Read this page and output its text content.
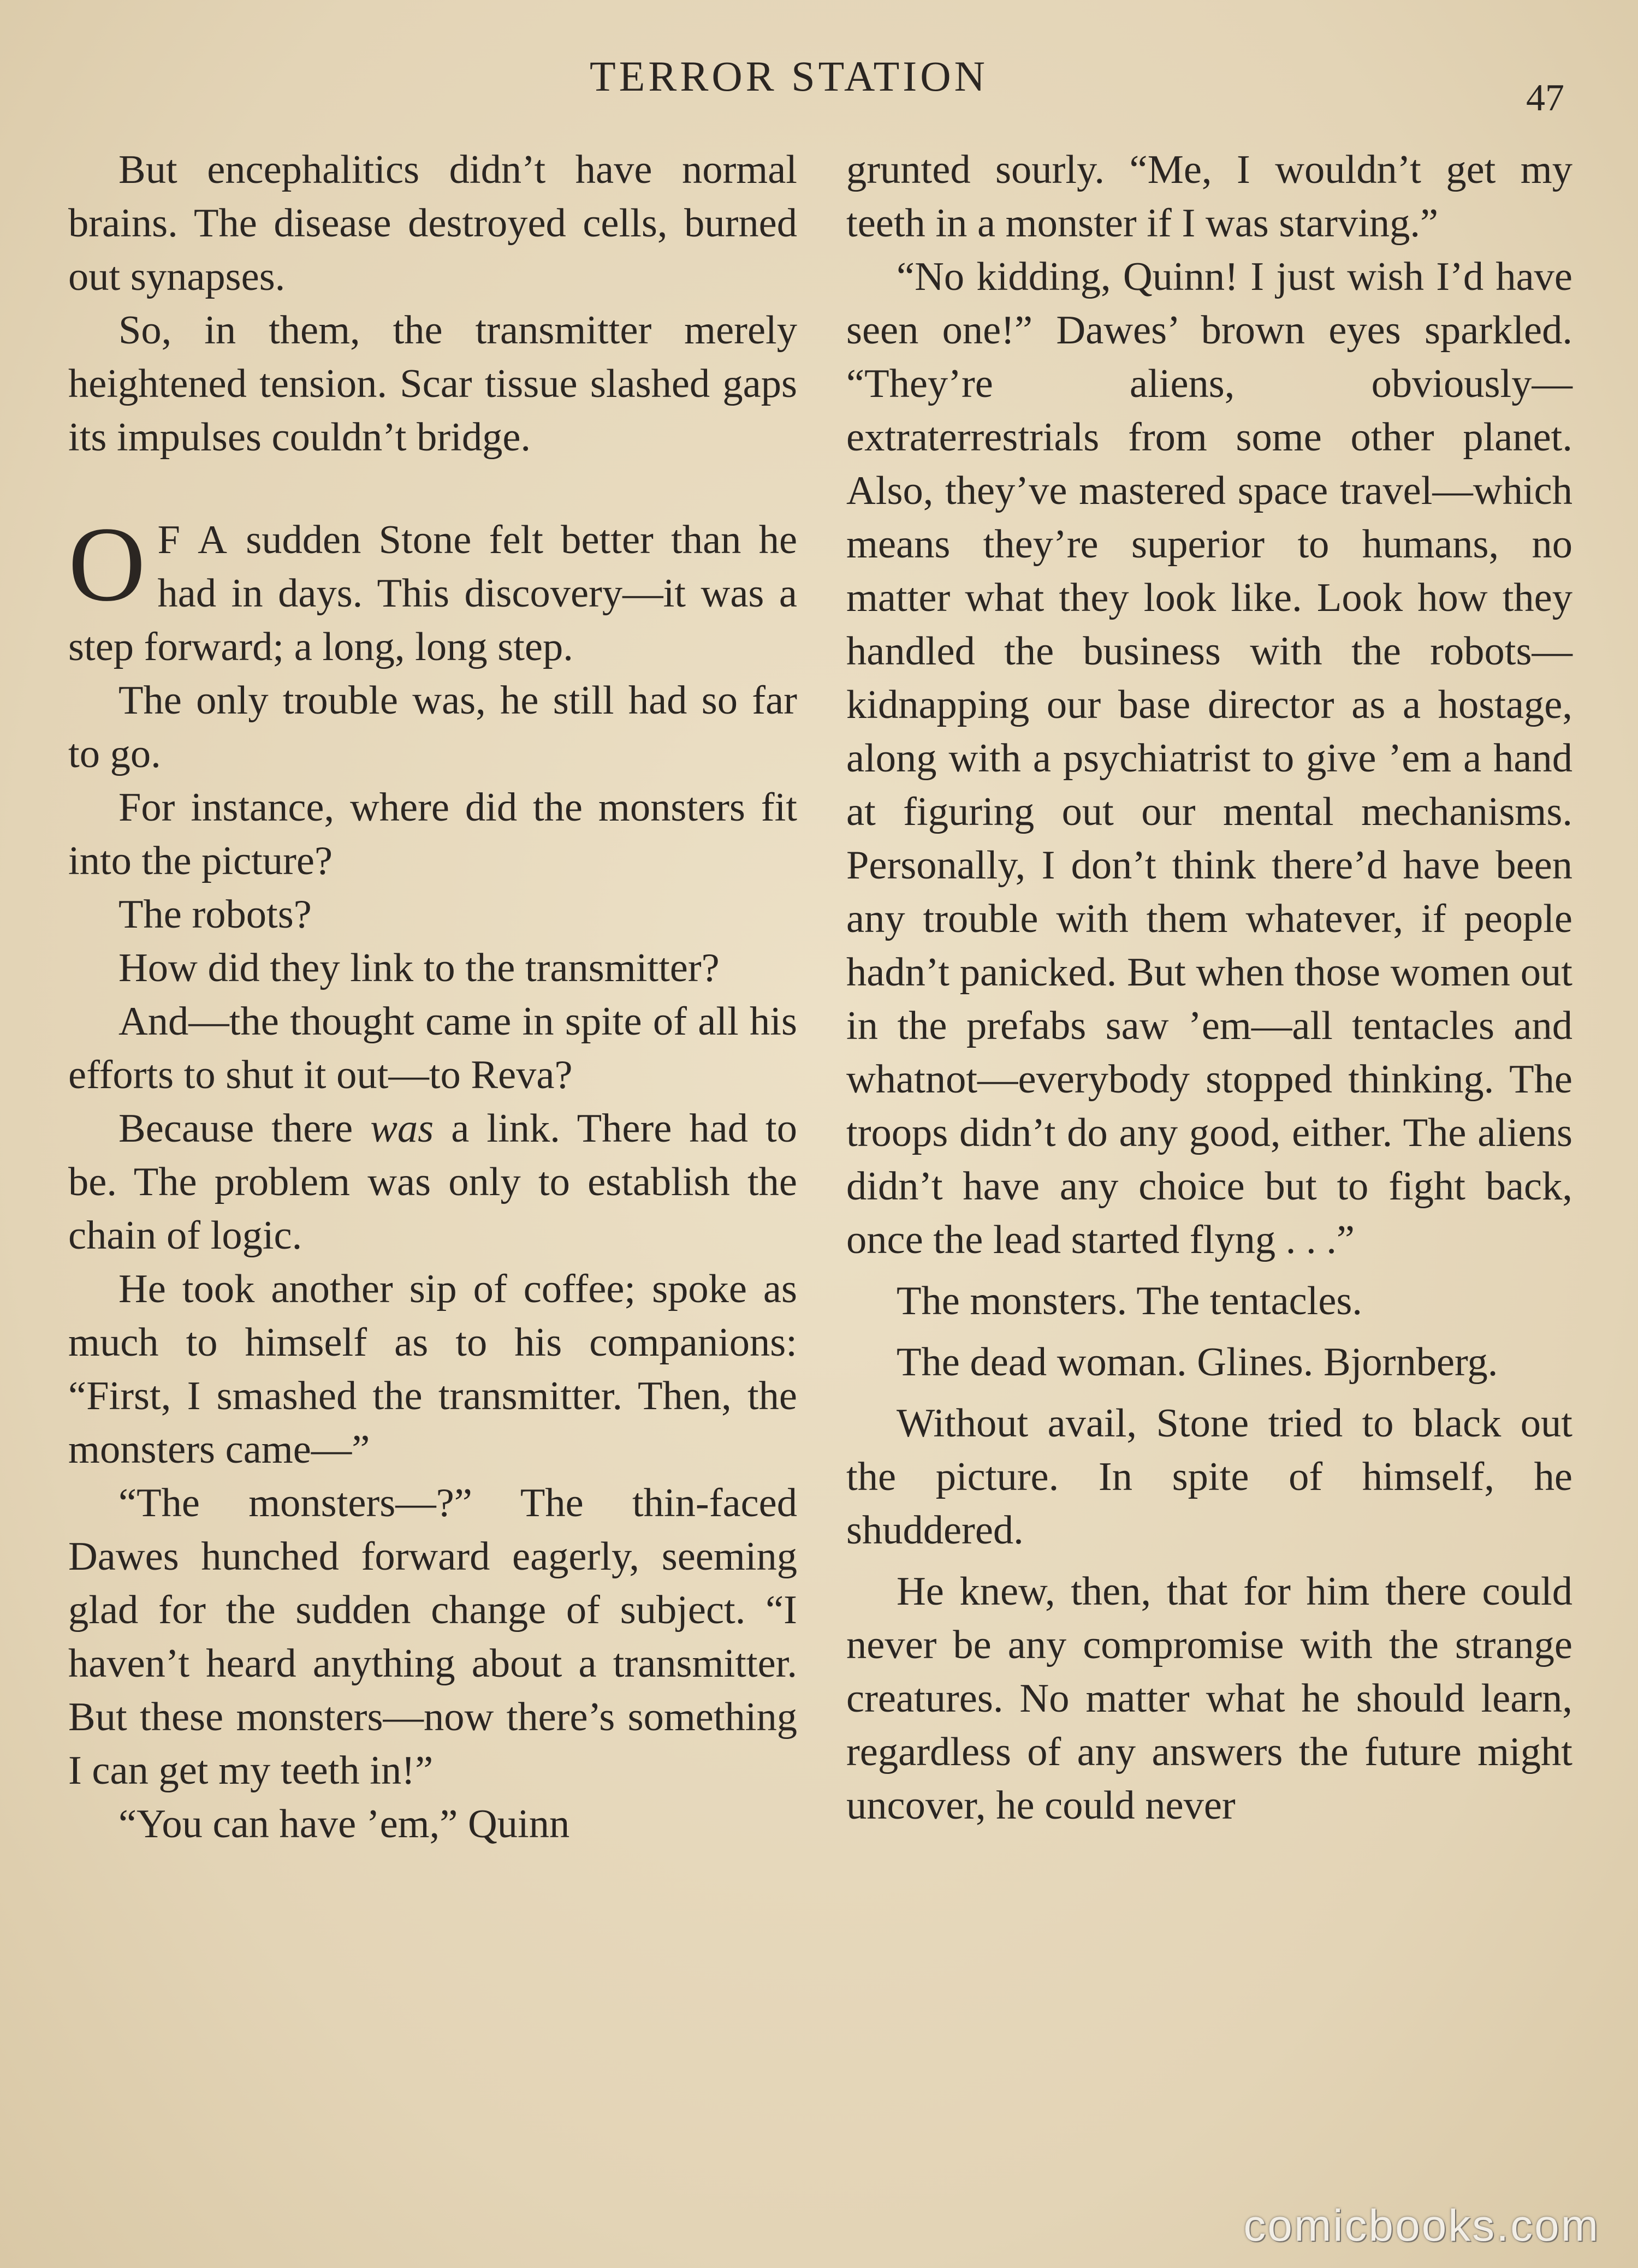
TERROR STATION	47

But encephalitics didn’t have normal brains. The disease destroyed cells, burned out synapses.

So, in them, the transmitter merely heightened tension. Scar tissue slashed gaps its impulses couldn’t bridge.

O F A sudden Stone felt better than he had in days. This discovery—it was a step forward; a long, long step.

The only trouble was, he still had so far to go.

For instance, where did the monsters fit into the picture?

The robots?

How did they link to the transmitter?

And—the thought came in spite of all his efforts to shut it out—to Reva?

Because there was a link. There had to be. The problem was only to establish the chain of logic.

He took another sip of coffee; spoke as much to himself as to his companions: “First, I smashed the transmitter. Then, the monsters came—”

“The monsters—?” The thin-faced Dawes hunched forward eagerly, seeming glad for the sudden change of subject. “I haven’t heard anything about a transmitter. But these monsters—now there’s something I can get my teeth in!”

“You can have ’em,” Quinn

grunted sourly. “Me, I wouldn’t get my teeth in a monster if I was starving.”

“No kidding, Quinn! I just wish I’d have seen one!” Dawes’ brown eyes sparkled. “They’re aliens, obviously—extraterrestrials from some other planet. Also, they’ve mastered space travel—which means they’re superior to humans, no matter what they look like. Look how they handled the business with the robots—kidnapping our base director as a hostage, along with a psychiatrist to give ’em a hand at figuring out our mental mechanisms. Personally, I don’t think there’d have been any trouble with them whatever, if people hadn’t panicked. But when those women out in the prefabs saw ’em—all tentacles and whatnot—everybody stopped thinking. The troops didn’t do any good, either. The aliens didn’t have any choice but to fight back, once the lead started flyng . . .”

The monsters. The tentacles.

The dead woman. Glines. Bjornberg.

Without avail, Stone tried to black out the picture. In spite of himself, he shuddered.

He knew, then, that for him there could never be any compromise with the strange creatures. No matter what he should learn, regardless of any answers the future might uncover, he could never

comicbooks.com
